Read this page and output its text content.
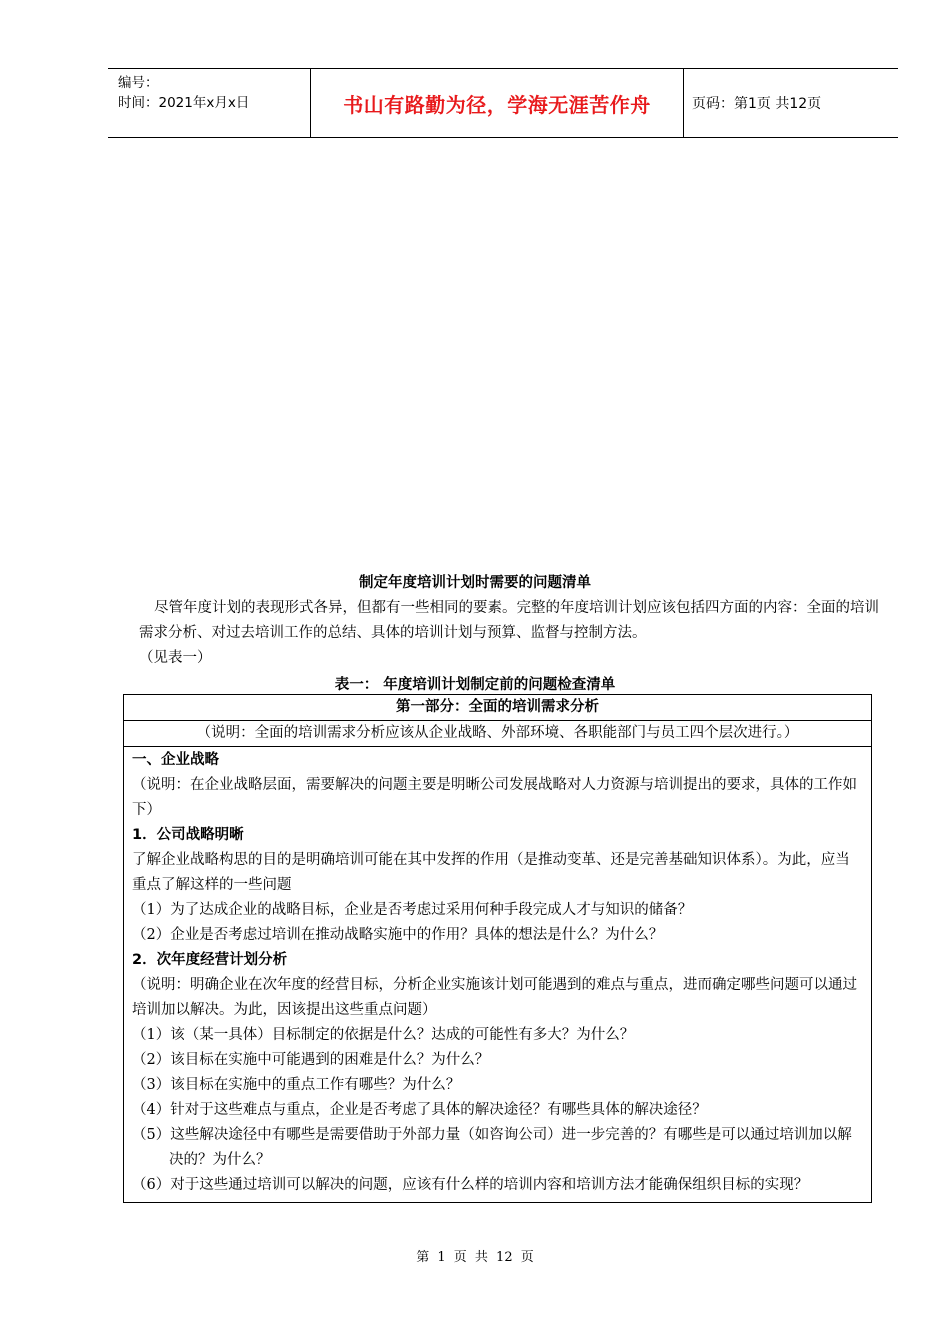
编号：
时间：2021年x月x日	书山有路勤为径，学海无涯苦作舟	页码：第1页 共12页
制定年度培训计划时需要的问题清单

尽管年度计划的表现形式各异，但都有一些相同的要素。完整的年度培训计划应该包括四方面的内容：全面的培训需求分析、对过去培训工作的总结、具体的培训计划与预算、监督与控制方法。

（见表一）

表一： 年度培训计划制定前的问题检查清单
第一部分：全面的培训需求分析
（说明：全面的培训需求分析应该从企业战略、外部环境、各职能部门与员工四个层次进行。）

一、企业战略

（说明：在企业战略层面，需要解决的问题主要是明晰公司发展战略对人力资源与培训提出的要求，具体的工作如下）

1．公司战略明晰

了解企业战略构思的目的是明确培训可能在其中发挥的作用（是推动变革、还是完善基础知识体系）。为此，应当重点了解这样的一些问题

（1）为了达成企业的战略目标，企业是否考虑过采用何种手段完成人才与知识的储备？

（2）企业是否考虑过培训在推动战略实施中的作用？具体的想法是什么？为什么？

2．次年度经营计划分析

（说明：明确企业在次年度的经营目标，分析企业实施该计划可能遇到的难点与重点，进而确定哪些问题可以通过培训加以解决。为此，因该提出这些重点问题）

（1）该（某一具体）目标制定的依据是什么？达成的可能性有多大？为什么？

（2）该目标在实施中可能遇到的困难是什么？为什么？

（3）该目标在实施中的重点工作有哪些？为什么？

（4）针对于这些难点与重点，企业是否考虑了具体的解决途径？有哪些具体的解决途径？

（5）这些解决途径中有哪些是需要借助于外部力量（如咨询公司）进一步完善的？有哪些是可以通过培训加以解决的？为什么？

（6）对于这些通过培训可以解决的问题，应该有什么样的培训内容和培训方法才能确保组织目标的实现？

第 1 页 共 12 页
